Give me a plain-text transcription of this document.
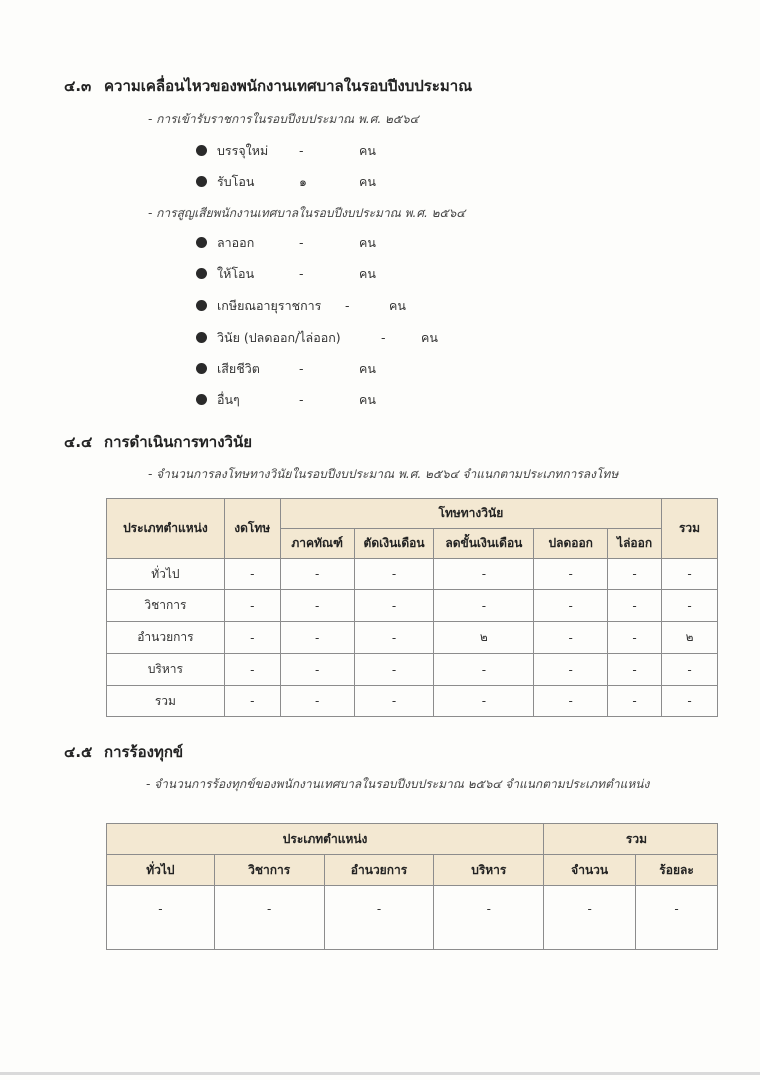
๔.๓ ความเคลื่อนไหวของพนักงานเทศบาลในรอบปีงบประมาณ
- การเข้ารับราชการในรอบปีงบประมาณ พ.ศ. ๒๕๖๔
บรรจุใหม่ -	คน
รับโอน	๑	คน
- การสูญเสียพนักงานเทศบาลในรอบปีงบประมาณ พ.ศ. ๒๕๖๔
ลาออก	-	คน
ให้โอน	-	คน
เกษียณอายุราชการ -	คน
วินัย (ปลดออก/ไล่ออก)	-	คน
เสียชีวิต	-	คน
อื่นๆ	-	คน
๔.๔ การดำเนินการทางวินัย
- จำนวนการลงโทษทางวินัยในรอบปีงบประมาณ พ.ศ. ๒๕๖๔ จำแนกตามประเภทการลงโทษ
ประเภทตำแหน่ง	งดโทษ	โทษทางวินัย					รวม
		ภาคทัณฑ์	ตัดเงินเดือน	ลดขั้นเงินเดือน	ปลดออก	ไล่ออก	
ทั่วไป	-	-	-	-	-	-	-
วิชาการ	-	-	-	-	-	-	-
อำนวยการ	-	-	-	๒	-	-	๒
บริหาร	-	-	-	-	-	-	-
รวม	-	-	-	-	-	-	-
๔.๕ การร้องทุกข์
- จำนวนการร้องทุกข์ของพนักงานเทศบาลในรอบปีงบประมาณ ๒๕๖๔ จำแนกตามประเภทตำแหน่ง
ประเภทตำแหน่ง				รวม	
ทั่วไป	วิชาการ	อำนวยการ	บริหาร	จำนวน	ร้อยละ
-	-	-	-	-	-
